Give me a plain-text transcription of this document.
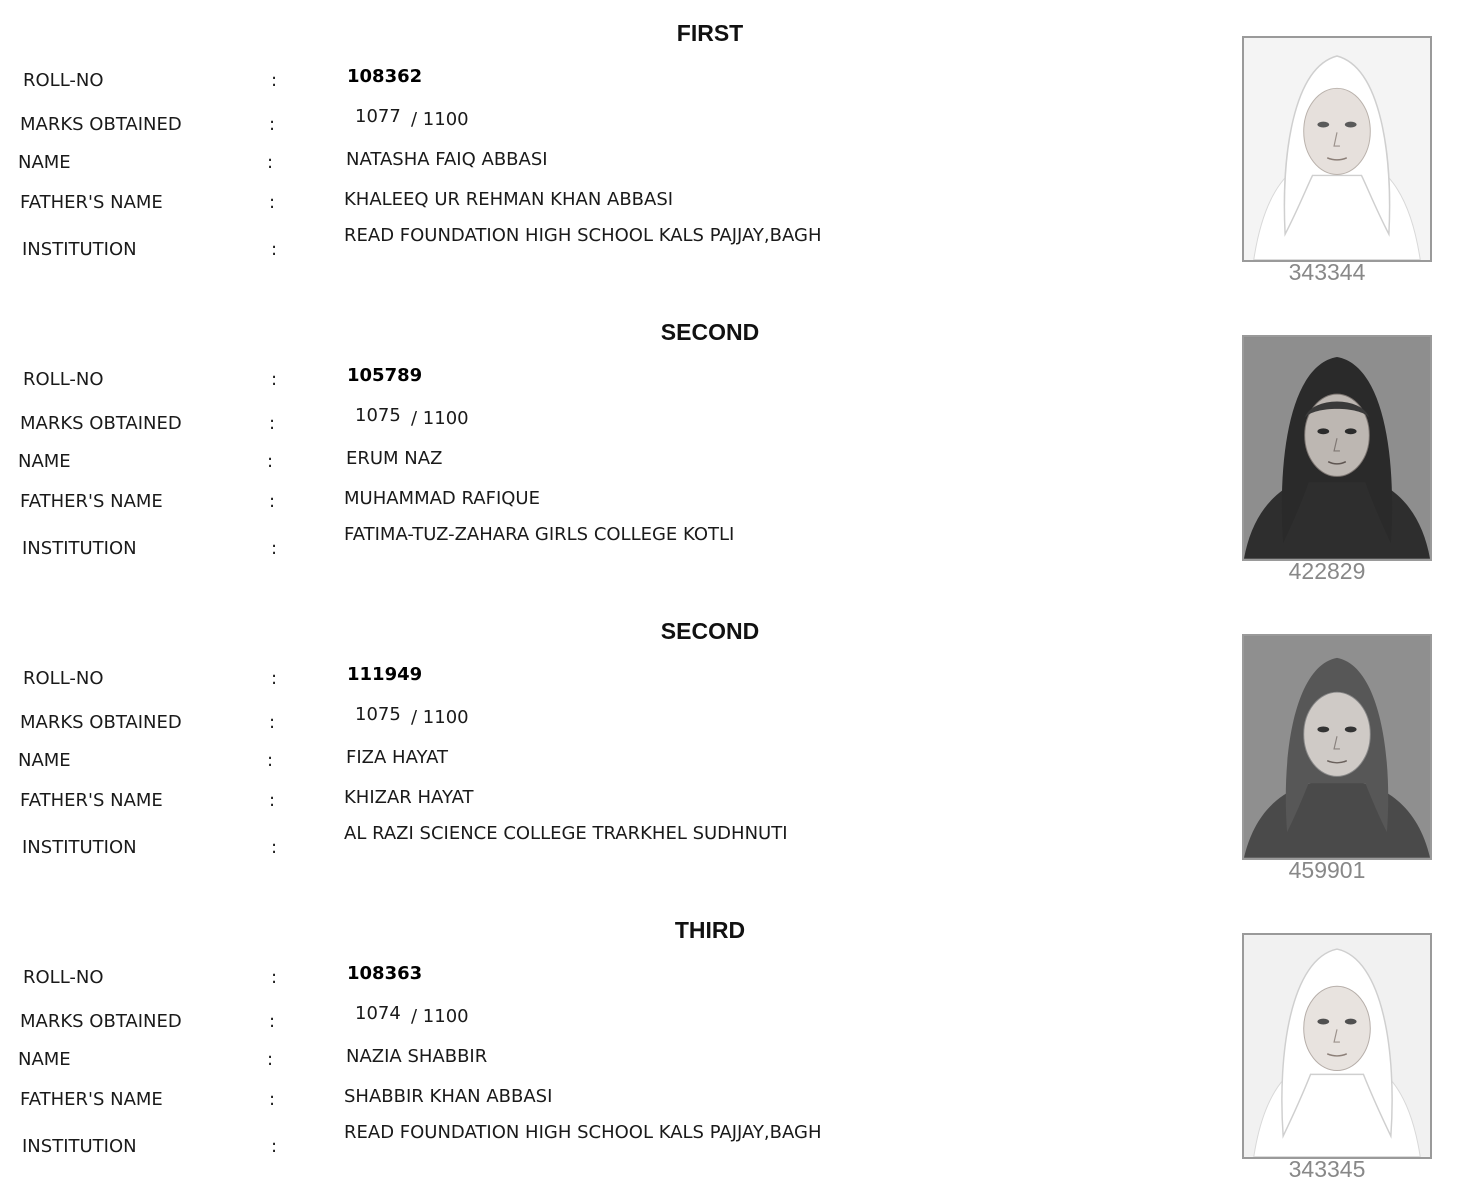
FIRST
ROLL-NO	:	108362
MARKS OBTAINED	:	1077 / 1100
NAME	:	NATASHA FAIQ ABBASI
FATHER'S NAME	:	KHALEEQ UR REHMAN KHAN ABBASI
INSTITUTION	:
READ FOUNDATION HIGH SCHOOL KALS PAJJAY,BAGH
343344
SECOND
ROLL-NO	:	105789
MARKS OBTAINED	:	1075 / 1100
NAME	:	ERUM NAZ
FATHER'S NAME	:	MUHAMMAD RAFIQUE
INSTITUTION	:
FATIMA-TUZ-ZAHARA GIRLS COLLEGE KOTLI
422829
SECOND
ROLL-NO	:	111949
MARKS OBTAINED	:	1075 / 1100
NAME	:	FIZA HAYAT
FATHER'S NAME	:	KHIZAR HAYAT
INSTITUTION	:
AL RAZI SCIENCE COLLEGE TRARKHEL SUDHNUTI
459901
THIRD
ROLL-NO	:	108363
MARKS OBTAINED	:	1074 / 1100
NAME	:	NAZIA SHABBIR
FATHER'S NAME	:	SHABBIR KHAN ABBASI
INSTITUTION	:
READ FOUNDATION HIGH SCHOOL KALS PAJJAY,BAGH
343345
